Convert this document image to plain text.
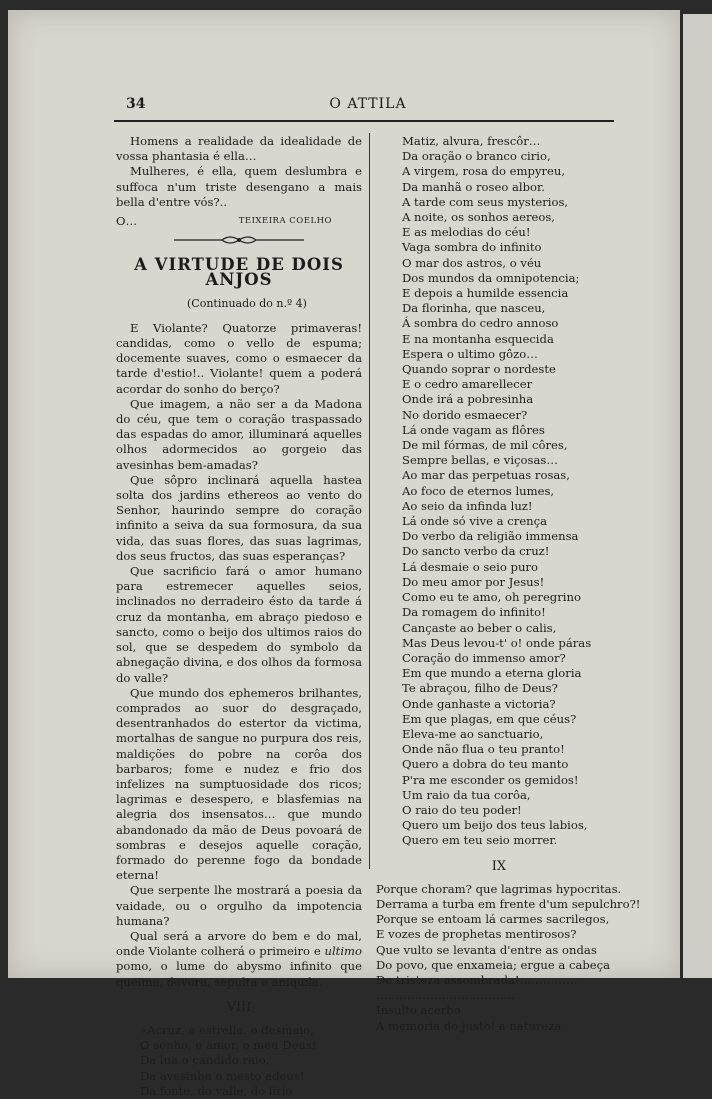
34	O ATTILA

Homens a realidade da idealidade de vossa phantasia é ella…

Mulheres, é ella, quem deslumbra e suffoca n'um triste desengano a mais bella d'entre vós?..

O…	TEIXEIRA COELHO
A VIRTUDE DE DOIS ANJOS
(Continuado do n.º 4)

E Violante? Quatorze primaveras! candidas, como o vello de espuma; docemente suaves, como o esmaecer da tarde d'estio!.. Violante! quem a poderá acordar do sonho do berço?

Que imagem, a não ser a da Madona do céu, que tem o coração traspassado das espadas do amor, illuminará aquelles olhos adormecidos ao gorgeio das avesinhas bem-amadas?

Que sôpro inclinará aquella hastea solta dos jardins ethereos ao vento do Senhor, haurindo sempre do coração infinito a seiva da sua formosura, da sua vida, das suas flores, das suas lagrimas, dos seus fructos, das suas esperanças?

Que sacrificio fará o amor humano para estremecer aquelles seios, inclinados no derradeiro ésto da tarde á cruz da montanha, em abraço piedoso e sancto, como o beijo dos ultimos raios do sol, que se despedem do symbolo da abnegação divina, e dos olhos da formosa do valle?

Que mundo dos ephemeros brilhantes, comprados ao suor do desgraçado, desentranhados do estertor da victima, mortalhas de sangue no purpura dos reis, maldições do pobre na corôa dos barbaros; fome e nudez e frio dos infelizes na sumptuosidade dos ricos; lagrimas e desespero, e blasfemias na alegria dos insensatos… que mundo abandonado da mão de Deus povoará de sombras e desejos aquelle coração, formado do perenne fogo da bondade eterna!

Que serpente lhe mostrará a poesia da vaidade, ou o orgulho da impotencia humana?

Qual será a arvore do bem e do mal, onde Violante colherá o primeiro e ultimo pomo, o lume do abysmo infinito que queima, devora, sepulta e aniquila.

VIII

«Acruz, a estrella, o desmaio,

O sonho, o amor, o meu Deus!

Da lua o candido raio,

Da avesinha o mesto adeus!

Da fonte, do valle, do lirio

Matiz, alvura, frescôr…

Da oração o branco cirio,

A virgem, rosa do empyreu,

Da manhã o roseo albor.

A tarde com seus mysterios,

A noite, os sonhos aereos,

E as melodias do céu!

Vaga sombra do infinito

O mar dos astros, o véu

Dos mundos da omnipotencia;

E depois a humilde essencia

Da florinha, que nasceu,

Á sombra do cedro annoso

E na montanha esquecida

Espera o ultimo gôzo…

Quando soprar o nordeste

E o cedro amarellecer

Onde irá a pobresinha

No dorido esmaecer?

Lá onde vagam as flôres

De mil fórmas, de mil côres,

Sempre bellas, e viçosas…

Ao mar das perpetuas rosas,

Ao foco de eternos lumes,

Ao seio da infinda luz!

Lá onde só vive a crença

Do verbo da religião immensa

Do sancto verbo da cruz!

Lá desmaie o seio puro

Do meu amor por Jesus!

Como eu te amo, oh peregrino

Da romagem do infinito!

Cançaste ao beber o calis,

Mas Deus levou-t' o! onde páras

Coração do immenso amor?

Em que mundo a eterna gloria

Te abraçou, filho de Deus?

Onde ganhaste a victoria?

Em que plagas, em que céus?

Eleva-me ao sanctuario,

Onde não flua o teu pranto!

Quero a dobra do teu manto

P'ra me esconder os gemidos!

Um raio da tua corôa,

O raio do teu poder!

Quero um beijo dos teus labios,

Quero em teu seio morrer.

IX

Porque choram? que lagrimas hypocritas.

Derrama a turba em frente d'um sepulchro?!

Porque se entoam lá carmes sacrilegos,

E vozes de prophetas mentirosos?

Que vulto se levanta d'entre as ondas

Do povo, que enxameia; ergue a cabeça

De tristeza assombrada!……………

………………………………

Insulto acerbo

Á memoria do justo! a natureza
